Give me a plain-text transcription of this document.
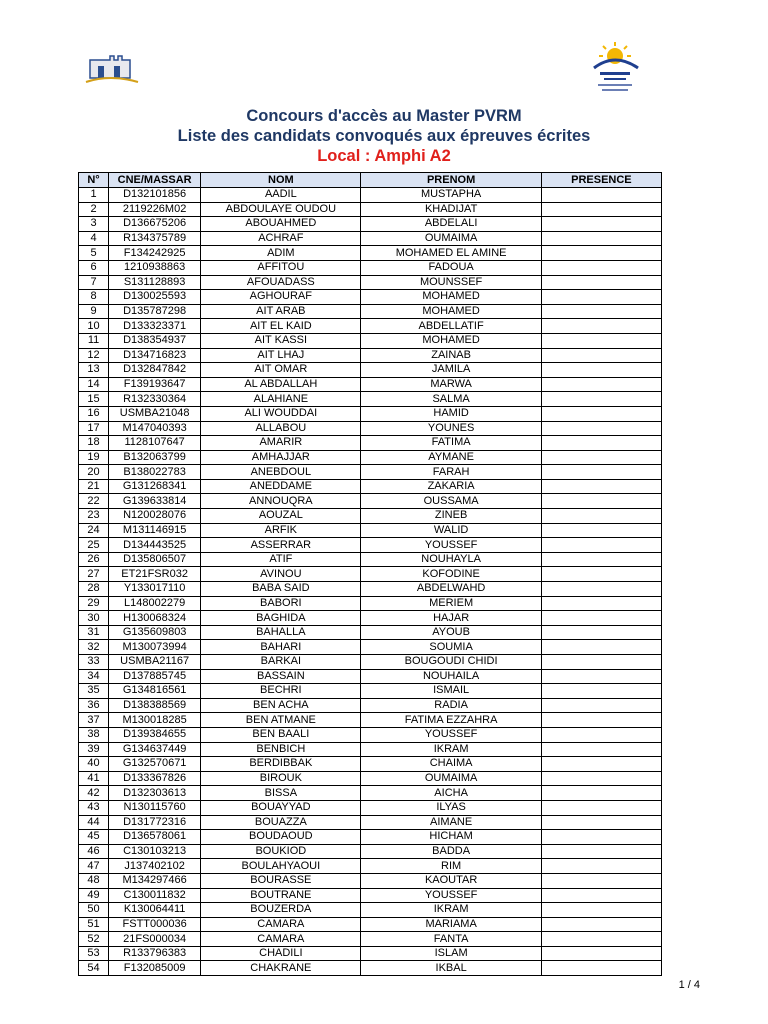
Concours d'accès au Master PVRM
Liste des candidats convoqués aux épreuves écrites
Local : Amphi A2
N°	CNE/MASSAR	NOM	PRENOM	PRESENCE
1	D132101856	AADIL	MUSTAPHA	
2	2119226M02	ABDOULAYE OUDOU	KHADIJAT	
3	D136675206	ABOUAHMED	ABDELALI	
4	R134375789	ACHRAF	OUMAIMA	
5	F134242925	ADIM	MOHAMED EL AMINE	
6	1210938863	AFFITOU	FADOUA	
7	S131128893	AFOUADASS	MOUNSSEF	
8	D130025593	AGHOURAF	MOHAMED	
9	D135787298	AIT ARAB	MOHAMED	
10	D133323371	AIT EL KAID	ABDELLATIF	
11	D138354937	AIT KASSI	MOHAMED	
12	D134716823	AIT LHAJ	ZAINAB	
13	D132847842	AIT OMAR	JAMILA	
14	F139193647	AL ABDALLAH	MARWA	
15	R132330364	ALAHIANE	SALMA	
16	USMBA21048	ALI WOUDDAI	HAMID	
17	M147040393	ALLABOU	YOUNES	
18	1128107647	AMARIR	FATIMA	
19	B132063799	AMHAJJAR	AYMANE	
20	B138022783	ANEBDOUL	FARAH	
21	G131268341	ANEDDAME	ZAKARIA	
22	G139633814	ANNOUQRA	OUSSAMA	
23	N120028076	AOUZAL	ZINEB	
24	M131146915	ARFIK	WALID	
25	D134443525	ASSERRAR	YOUSSEF	
26	D135806507	ATIF	NOUHAYLA	
27	ET21FSR032	AVINOU	KOFODINE	
28	Y133017110	BABA SAID	ABDELWAHD	
29	L148002279	BABORI	MERIEM	
30	H130068324	BAGHIDA	HAJAR	
31	G135609803	BAHALLA	AYOUB	
32	M130073994	BAHARI	SOUMIA	
33	USMBA21167	BARKAI	BOUGOUDI CHIDI	
34	D137885745	BASSAIN	NOUHAILA	
35	G134816561	BECHRI	ISMAIL	
36	D138388569	BEN ACHA	RADIA	
37	M130018285	BEN ATMANE	FATIMA EZZAHRA	
38	D139384655	BEN BAALI	YOUSSEF	
39	G134637449	BENBICH	IKRAM	
40	G132570671	BERDIBBAK	CHAIMA	
41	D133367826	BIROUK	OUMAIMA	
42	D132303613	BISSA	AICHA	
43	N130115760	BOUAYYAD	ILYAS	
44	D131772316	BOUAZZA	AIMANE	
45	D136578061	BOUDAOUD	HICHAM	
46	C130103213	BOUKIOD	BADDA	
47	J137402102	BOULAHYAOUI	RIM	
48	M134297466	BOURASSE	KAOUTAR	
49	C130011832	BOUTRANE	YOUSSEF	
50	K130064411	BOUZERDA	IKRAM	
51	FSTT000036	CAMARA	MARIAMA	
52	21FS000034	CAMARA	FANTA	
53	R133796383	CHADILI	ISLAM	
54	F132085009	CHAKRANE	IKBAL	
1 / 4
